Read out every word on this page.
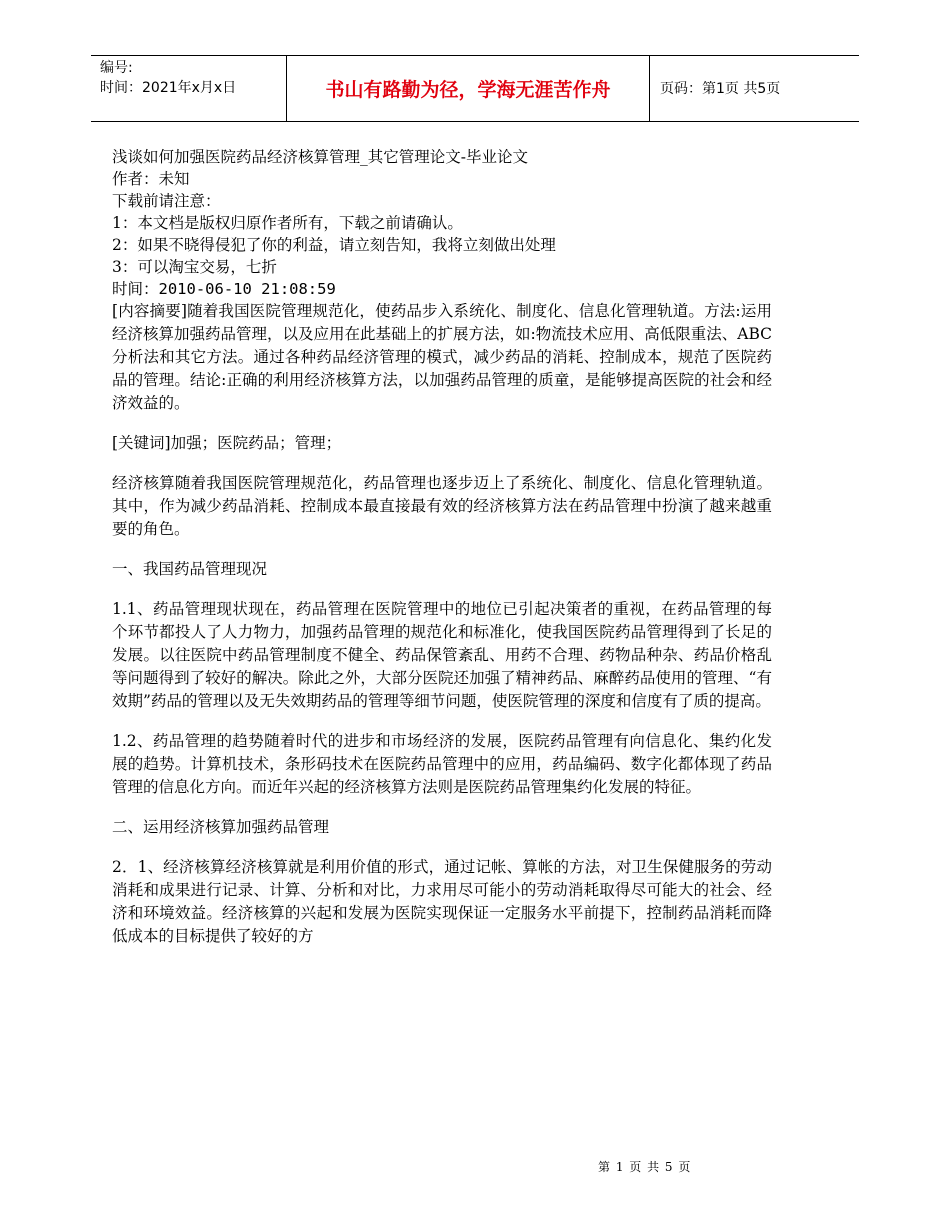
编号:
时间：2021年x月x日	书山有路勤为径，学海无涯苦作舟	页码：第1页 共5页
浅谈如何加强医院药品经济核算管理_其它管理论文-毕业论文
作者：未知
下载前请注意：
1：本文档是版权归原作者所有，下载之前请确认。
2：如果不晓得侵犯了你的利益，请立刻告知，我将立刻做出处理
3：可以淘宝交易，七折
时间：2010-06-10 21:08:59

[内容摘要]随着我国医院管理规范化，使药品步入系统化、制度化、信息化管理轨道。方法:运用经济核算加强药品管理，以及应用在此基础上的扩展方法，如:物流技术应用、高低限重法、ABC分析法和其它方法。通过各种药品经济管理的模式，减少药品的消耗、控制成本，规范了医院药品的管理。结论:正确的利用经济核算方法，以加强药品管理的质童，是能够提高医院的社会和经济效益的。

[关键词]加强；医院药品；管理；

经济核算随着我国医院管理规范化，药品管理也逐步迈上了系统化、制度化、信息化管理轨道。其中，作为减少药品消耗、控制成本最直接最有效的经济核算方法在药品管理中扮演了越来越重要的角色。

一、我国药品管理现况

1.1、药品管理现状现在，药品管理在医院管理中的地位已引起决策者的重视，在药品管理的每个环节都投人了人力物力，加强药品管理的规范化和标准化，使我国医院药品管理得到了长足的发展。以往医院中药品管理制度不健全、药品保管紊乱、用药不合理、药物品种杂、药品价格乱等问题得到了较好的解决。除此之外，大部分医院还加强了精神药品、麻醉药品使用的管理、“有效期”药品的管理以及无失效期药品的管理等细节问题，使医院管理的深度和信度有了质的提高。

1.2、药品管理的趋势随着时代的进步和市场经济的发展，医院药品管理有向信息化、集约化发展的趋势。计算机技术，条形码技术在医院药品管理中的应用，药品编码、数字化都体现了药品管理的信息化方向。而近年兴起的经济核算方法则是医院药品管理集约化发展的特征。

二、运用经济核算加强药品管理

2．1、经济核算经济核算就是利用价值的形式，通过记帐、算帐的方法，对卫生保健服务的劳动消耗和成果进行记录、计算、分析和对比，力求用尽可能小的劳动消耗取得尽可能大的社会、经济和环境效益。经济核算的兴起和发展为医院实现保证一定服务水平前提下，控制药品消耗而降低成本的目标提供了较好的方

第 1 页 共 5 页
